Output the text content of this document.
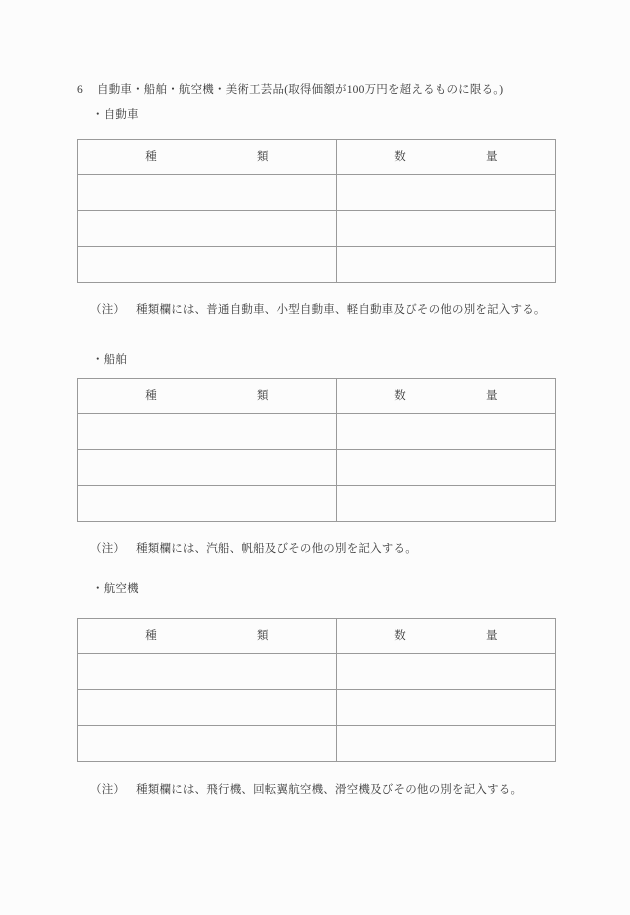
6 自動車・船舶・航空機・美術工芸品(取得価額が100万円を超えるものに限る。)
・自動車
種 類	数 量

（注） 種類欄には、普通自動車、小型自動車、軽自動車及びその他の別を記入する。
・船舶
種 類	数 量

（注） 種類欄には、汽船、帆船及びその他の別を記入する。
・航空機
種 類	数 量

（注） 種類欄には、飛行機、回転翼航空機、滑空機及びその他の別を記入する。
